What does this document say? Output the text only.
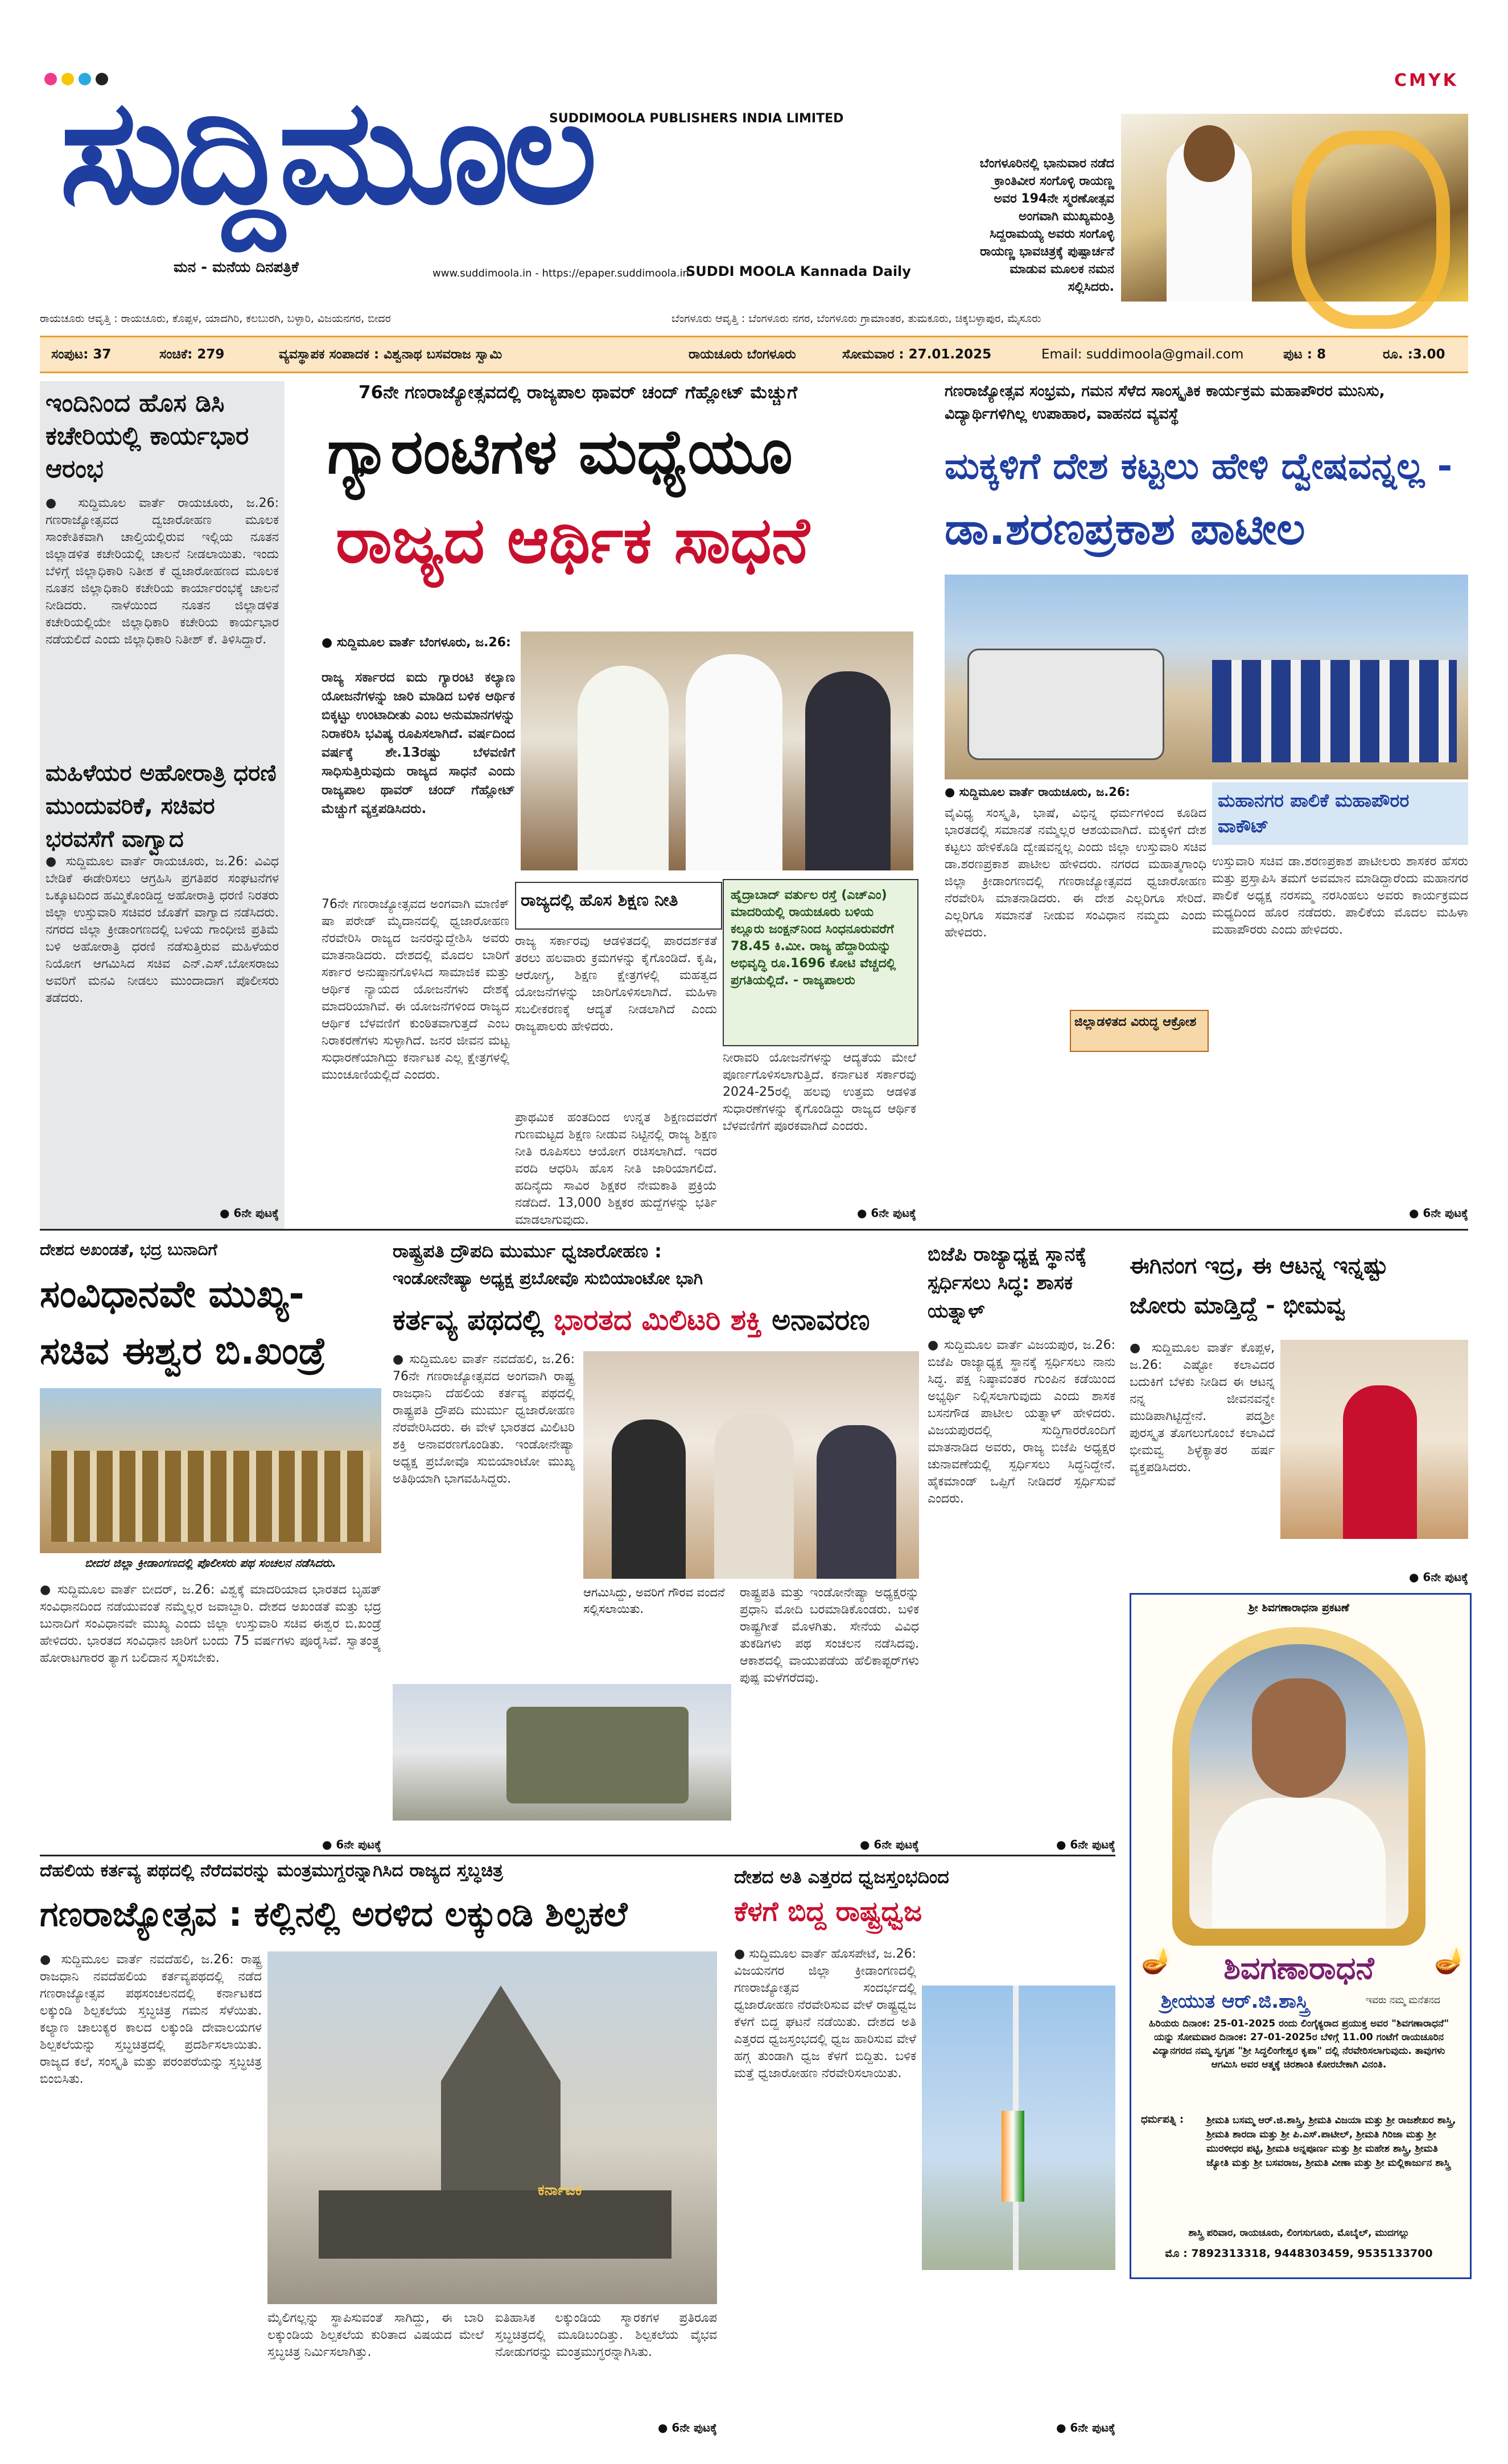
CMYK
ಸುದ್ದಿಮೂಲ
SUDDIMOOLA PUBLISHERS INDIA LIMITED
ಮನ - ಮನೆಯ ದಿನಪತ್ರಿಕೆ	www.suddimoola.in - https://epaper.suddimoola.in
SUDDI MOOLA Kannada Daily
ಬೆಂಗಳೂರಿನಲ್ಲಿ ಭಾನುವಾರ ನಡೆದ ಕ್ರಾಂತಿವೀರ ಸಂಗೊಳ್ಳಿ ರಾಯಣ್ಣ ಅವರ 194ನೇ ಸ್ಮರಣೋತ್ಸವ ಅಂಗವಾಗಿ ಮುಖ್ಯಮಂತ್ರಿ ಸಿದ್ದರಾಮಯ್ಯ ಅವರು ಸಂಗೊಳ್ಳಿ ರಾಯಣ್ಣ ಭಾವಚಿತ್ರಕ್ಕೆ ಪುಷ್ಪಾರ್ಚನೆ ಮಾಡುವ ಮೂಲಕ ನಮನ ಸಲ್ಲಿಸಿದರು.
ರಾಯಚೂರು ಆವೃತ್ತಿ : ರಾಯಚೂರು, ಕೊಪ್ಪಳ, ಯಾದಗಿರಿ, ಕಲಬುರಗಿ, ಬಳ್ಳಾರಿ, ವಿಜಯನಗರ, ಬೀದರ	ಬೆಂಗಳೂರು ಆವೃತ್ತಿ : ಬೆಂಗಳೂರು ನಗರ, ಬೆಂಗಳೂರು ಗ್ರಾಮಾಂತರ, ತುಮಕೂರು, ಚಿಕ್ಕಬಳ್ಳಾಪುರ, ಮೈಸೂರು
ಸಂಪುಟ: 37	ಸಂಚಿಕೆ: 279	ವ್ಯವಸ್ಥಾಪಕ ಸಂಪಾದಕ : ವಿಶ್ವನಾಥ ಬಸವರಾಜ ಸ್ವಾಮಿ	ರಾಯಚೂರು ಬೆಂಗಳೂರು	ಸೋಮವಾರ : 27.01.2025	Email: suddimoola@gmail.com	ಪುಟ : 8	ರೂ. :3.00
ಇಂದಿನಿಂದ ಹೊಸ ಡಿಸಿ ಕಚೇರಿಯಲ್ಲಿ ಕಾರ್ಯಭಾರ ಆರಂಭ
● ಸುದ್ದಿಮೂಲ ವಾರ್ತೆ ರಾಯಚೂರು, ಜ.26: ಗಣರಾಜ್ಯೋತ್ಸವದ ದ್ವಜಾರೋಹಣ ಮೂಲಕ ಸಾಂಕೇತಿಕವಾಗಿ ಚಾಲ್ತಿಯಲ್ಲಿರುವ ಇಲ್ಲಿಯ ನೂತನ ಜಿಲ್ಲಾಡಳಿತ ಕಚೇರಿಯಲ್ಲಿ ಚಾಲನೆ ನೀಡಲಾಯಿತು. ಇಂದು ಬೆಳಿಗ್ಗೆ ಜಿಲ್ಲಾಧಿಕಾರಿ ನಿತೀಶ ಕೆ ಧ್ವಜಾರೋಹಣದ ಮೂಲಕ ನೂತನ ಜಿಲ್ಲಾಧಿಕಾರಿ ಕಚೇರಿಯ ಕಾರ್ಯಾರಂಭಕ್ಕೆ ಚಾಲನೆ ನೀಡಿದರು. ನಾಳೆಯಿಂದ ನೂತನ ಜಿಲ್ಲಾಡಳಿತ ಕಚೇರಿಯಲ್ಲಿಯೇ ಜಿಲ್ಲಾಧಿಕಾರಿ ಕಚೇರಿಯ ಕಾರ್ಯಭಾರ ನಡೆಯಲಿದೆ ಎಂದು ಜಿಲ್ಲಾಧಿಕಾರಿ ನಿತೀಶ್ ಕೆ. ತಿಳಿಸಿದ್ದಾರೆ.
ಮಹಿಳೆಯರ ಅಹೋರಾತ್ರಿ ಧರಣಿ ಮುಂದುವರಿಕೆ, ಸಚಿವರ ಭರವಸೆಗೆ ವಾಗ್ವಾದ
● ಸುದ್ದಿಮೂಲ ವಾರ್ತೆ ರಾಯಚೂರು, ಜ.26: ವಿವಿಧ ಬೇಡಿಕೆ ಈಡೇರಿಸಲು ಆಗ್ರಹಿಸಿ ಪ್ರಗತಿಪರ ಸಂಘಟನೆಗಳ ಒಕ್ಕೂಟದಿಂದ ಹಮ್ಮಿಕೊಂಡಿದ್ದ ಅಹೋರಾತ್ರಿ ಧರಣಿ ನಿರತರು ಜಿಲ್ಲಾ ಉಸ್ತುವಾರಿ ಸಚಿವರ ಜೊತೆಗೆ ವಾಗ್ವಾದ ನಡೆಸಿದರು. ನಗರದ ಜಿಲ್ಲಾ ಕ್ರೀಡಾಂಗಣದಲ್ಲಿ ಬಳಿಯ ಗಾಂಧೀಜಿ ಪ್ರತಿಮೆ ಬಳಿ ಅಹೋರಾತ್ರಿ ಧರಣಿ ನಡೆಸುತ್ತಿರುವ ಮಹಿಳೆಯರ ನಿಯೋಗ ಆಗಮಿಸಿದ ಸಚಿವ ಎನ್.ಎಸ್.ಬೋಸರಾಜು ಅವರಿಗೆ ಮನವಿ ನೀಡಲು ಮುಂದಾದಾಗ ಪೊಲೀಸರು ತಡೆದರು.
● 6ನೇ ಪುಟಕ್ಕೆ
76ನೇ ಗಣರಾಜ್ಯೋತ್ಸವದಲ್ಲಿ ರಾಜ್ಯಪಾಲ ಥಾವರ್ ಚಂದ್ ಗೆಹ್ಲೋಟ್ ಮೆಚ್ಚುಗೆ
ಗ್ಯಾರಂಟಿಗಳ ಮಧ್ಯೆಯೂ
ರಾಜ್ಯದ ಆರ್ಥಿಕ ಸಾಧನೆ
● ಸುದ್ದಿಮೂಲ ವಾರ್ತೆ ಬೆಂಗಳೂರು, ಜ.26:
ರಾಜ್ಯ ಸರ್ಕಾರದ ಐದು ಗ್ಯಾರಂಟಿ ಕಲ್ಯಾಣ ಯೋಜನೆಗಳನ್ನು ಜಾರಿ ಮಾಡಿದ ಬಳಿಕ ಆರ್ಥಿಕ ಬಿಕ್ಕಟ್ಟು ಉಂಟಾದೀತು ಎಂಬ ಅನುಮಾನಗಳನ್ನು ನಿರಾಕರಿಸಿ ಭವಿಷ್ಯ ರೂಪಿಸಲಾಗಿದೆ. ವರ್ಷದಿಂದ ವರ್ಷಕ್ಕೆ ಶೇ.13ರಷ್ಟು ಬೆಳವಣಿಗೆ ಸಾಧಿಸುತ್ತಿರುವುದು ರಾಜ್ಯದ ಸಾಧನೆ ಎಂದು ರಾಜ್ಯಪಾಲ ಥಾವರ್ ಚಂದ್ ಗೆಹ್ಲೋಟ್ ಮೆಚ್ಚುಗೆ ವ್ಯಕ್ತಪಡಿಸಿದರು.
76ನೇ ಗಣರಾಜ್ಯೋತ್ಸವದ ಅಂಗವಾಗಿ ಮಾಣಿಕ್ ಷಾ ಪರೇಡ್ ಮೈದಾನದಲ್ಲಿ ಧ್ವಜಾರೋಹಣ ನೆರವೇರಿಸಿ ರಾಜ್ಯದ ಜನರನ್ನುದ್ದೇಶಿಸಿ ಅವರು ಮಾತನಾಡಿದರು. ದೇಶದಲ್ಲಿ ಮೊದಲ ಬಾರಿಗೆ ಸರ್ಕಾರ ಅನುಷ್ಠಾನಗೊಳಿಸಿದ ಸಾಮಾಜಿಕ ಮತ್ತು ಆರ್ಥಿಕ ನ್ಯಾಯದ ಯೋಜನೆಗಳು ದೇಶಕ್ಕೆ ಮಾದರಿಯಾಗಿವೆ. ಈ ಯೋಜನೆಗಳಿಂದ ರಾಜ್ಯದ ಆರ್ಥಿಕ ಬೆಳವಣಿಗೆ ಕುಂಠಿತವಾಗುತ್ತದೆ ಎಂಬ ನಿರಾಕರಣೆಗಳು ಸುಳ್ಳಾಗಿದೆ. ಜನರ ಜೀವನ ಮಟ್ಟ ಸುಧಾರಣೆಯಾಗಿದ್ದು ಕರ್ನಾಟಕ ಎಲ್ಲ ಕ್ಷೇತ್ರಗಳಲ್ಲಿ ಮುಂಚೂಣಿಯಲ್ಲಿದೆ ಎಂದರು.
ರಾಜ್ಯದಲ್ಲಿ ಹೊಸ ಶಿಕ್ಷಣ ನೀತಿ
ರಾಜ್ಯ ಸರ್ಕಾರವು ಆಡಳಿತದಲ್ಲಿ ಪಾರದರ್ಶಕತೆ ತರಲು ಹಲವಾರು ಕ್ರಮಗಳನ್ನು ಕೈಗೊಂಡಿದೆ. ಕೃಷಿ, ಆರೋಗ್ಯ, ಶಿಕ್ಷಣ ಕ್ಷೇತ್ರಗಳಲ್ಲಿ ಮಹತ್ವದ ಯೋಜನೆಗಳನ್ನು ಜಾರಿಗೊಳಿಸಲಾಗಿದೆ. ಮಹಿಳಾ ಸಬಲೀಕರಣಕ್ಕೆ ಆದ್ಯತೆ ನೀಡಲಾಗಿದೆ ಎಂದು ರಾಜ್ಯಪಾಲರು ಹೇಳಿದರು.
ಪ್ರಾಥಮಿಕ ಹಂತದಿಂದ ಉನ್ನತ ಶಿಕ್ಷಣದವರೆಗೆ ಗುಣಮಟ್ಟದ ಶಿಕ್ಷಣ ನೀಡುವ ನಿಟ್ಟಿನಲ್ಲಿ ರಾಜ್ಯ ಶಿಕ್ಷಣ ನೀತಿ ರೂಪಿಸಲು ಆಯೋಗ ರಚಿಸಲಾಗಿದೆ. ಇದರ ವರದಿ ಆಧರಿಸಿ ಹೊಸ ನೀತಿ ಜಾರಿಯಾಗಲಿದೆ. ಹದಿನೈದು ಸಾವಿರ ಶಿಕ್ಷಕರ ನೇಮಕಾತಿ ಪ್ರಕ್ರಿಯೆ ನಡೆದಿದೆ. 13,000 ಶಿಕ್ಷಕರ ಹುದ್ದೆಗಳನ್ನು ಭರ್ತಿ ಮಾಡಲಾಗುವುದು.
ಹೈದ್ರಾಬಾದ್ ವರ್ತುಲ ರಸ್ತೆ (ಎಚ್‌ಎಂ) ಮಾದರಿಯಲ್ಲಿ ರಾಯಚೂರು ಬಳಿಯ ಕಲ್ಲೂರು ಜಂಕ್ಷನ್‌ನಿಂದ ಸಿಂಧನೂರುವರೆಗೆ 78.45 ಕಿ.ಮೀ. ರಾಜ್ಯ ಹೆದ್ದಾರಿಯನ್ನು ಅಭಿವೃದ್ಧಿ ರೂ.1696 ಕೋಟಿ ವೆಚ್ಚದಲ್ಲಿ ಪ್ರಗತಿಯಲ್ಲಿದೆ. - ರಾಜ್ಯಪಾಲರು
ನೀರಾವರಿ ಯೋಜನೆಗಳನ್ನು ಆದ್ಯತೆಯ ಮೇಲೆ ಪೂರ್ಣಗೊಳಿಸಲಾಗುತ್ತಿದೆ. ಕರ್ನಾಟಕ ಸರ್ಕಾರವು 2024-25ರಲ್ಲಿ ಹಲವು ಉತ್ತಮ ಆಡಳಿತ ಸುಧಾರಣೆಗಳನ್ನು ಕೈಗೊಂಡಿದ್ದು ರಾಜ್ಯದ ಆರ್ಥಿಕ ಬೆಳವಣಿಗೆಗೆ ಪೂರಕವಾಗಿದೆ ಎಂದರು.
● 6ನೇ ಪುಟಕ್ಕೆ
ಗಣರಾಜ್ಯೋತ್ಸವ ಸಂಭ್ರಮ, ಗಮನ ಸೆಳೆದ ಸಾಂಸ್ಕೃತಿಕ ಕಾರ್ಯಕ್ರಮ ಮಹಾಪೌರರ ಮುನಿಸು, ವಿದ್ಯಾರ್ಥಿಗಳಿಗಿಲ್ಲ ಉಪಾಹಾರ, ವಾಹನದ ವ್ಯವಸ್ಥೆ
ಮಕ್ಕಳಿಗೆ ದೇಶ ಕಟ್ಟಲು ಹೇಳಿ ದ್ವೇಷವನ್ನಲ್ಲ -
ಡಾ.ಶರಣಪ್ರಕಾಶ ಪಾಟೀಲ
● ಸುದ್ದಿಮೂಲ ವಾರ್ತೆ ರಾಯಚೂರು, ಜ.26:
ವೈವಿಧ್ಯ ಸಂಸ್ಕೃತಿ, ಭಾಷೆ, ವಿಭಿನ್ನ ಧರ್ಮಗಳಿಂದ ಕೂಡಿದ ಭಾರತದಲ್ಲಿ ಸಮಾನತೆ ನಮ್ಮೆಲ್ಲರ ಆಶಯವಾಗಿದೆ. ಮಕ್ಕಳಿಗೆ ದೇಶ ಕಟ್ಟಲು ಹೇಳಿಕೊಡಿ ದ್ವೇಷವನ್ನಲ್ಲ ಎಂದು ಜಿಲ್ಲಾ ಉಸ್ತುವಾರಿ ಸಚಿವ ಡಾ.ಶರಣಪ್ರಕಾಶ ಪಾಟೀಲ ಹೇಳಿದರು. ನಗರದ ಮಹಾತ್ಮಗಾಂಧಿ ಜಿಲ್ಲಾ ಕ್ರೀಡಾಂಗಣದಲ್ಲಿ ಗಣರಾಜ್ಯೋತ್ಸವದ ಧ್ವಜಾರೋಹಣ ನೆರವೇರಿಸಿ ಮಾತನಾಡಿದರು. ಈ ದೇಶ ಎಲ್ಲರಿಗೂ ಸೇರಿದೆ. ಎಲ್ಲರಿಗೂ ಸಮಾನತೆ ನೀಡುವ ಸಂವಿಧಾನ ನಮ್ಮದು ಎಂದು ಹೇಳಿದರು.
ಜಿಲ್ಲಾಡಳಿತದ ವಿರುದ್ಧ ಆಕ್ರೋಶ
ಮಹಾನಗರ ಪಾಲಿಕೆ ಮಹಾಪೌರರ ವಾಕೌಟ್
ಉಸ್ತುವಾರಿ ಸಚಿವ ಡಾ.ಶರಣಪ್ರಕಾಶ ಪಾಟೀಲರು ಶಾಸಕರ ಹೆಸರು ಮತ್ತು ಪ್ರಸ್ತಾಪಿಸಿ ತಮಗೆ ಅವಮಾನ ಮಾಡಿದ್ದಾರೆಂದು ಮಹಾನಗರ ಪಾಲಿಕೆ ಅಧ್ಯಕ್ಷ ನರಸಮ್ಮ ನರಸಿಂಹಲು ಅವರು ಕಾರ್ಯಕ್ರಮದ ಮಧ್ಯದಿಂದ ಹೊರ ನಡೆದರು. ಪಾಲಿಕೆಯ ಮೊದಲ ಮಹಿಳಾ ಮಹಾಪೌರರು ಎಂದು ಹೇಳಿದರು.
● 6ನೇ ಪುಟಕ್ಕೆ
ದೇಶದ ಅಖಂಡತೆ, ಭದ್ರ ಬುನಾದಿಗೆ
ಸಂವಿಧಾನವೇ ಮುಖ್ಯ-
ಸಚಿವ ಈಶ್ವರ ಬಿ.ಖಂಡ್ರೆ
ಬೀದರ ಜಿಲ್ಲಾ ಕ್ರೀಡಾಂಗಣದಲ್ಲಿ ಪೊಲೀಸರು ಪಥ ಸಂಚಲನ ನಡೆಸಿದರು.
● ಸುದ್ದಿಮೂಲ ವಾರ್ತೆ ಬೀದರ್, ಜ.26: ವಿಶ್ವಕ್ಕೆ ಮಾದರಿಯಾದ ಭಾರತದ ಬೃಹತ್ ಸಂವಿಧಾನದಿಂದ ನಡೆಯುವಂತೆ ನಮ್ಮೆಲ್ಲರ ಜವಾಬ್ದಾರಿ. ದೇಶದ ಅಖಂಡತೆ ಮತ್ತು ಭದ್ರ ಬುನಾದಿಗೆ ಸಂವಿಧಾನವೇ ಮುಖ್ಯ ಎಂದು ಜಿಲ್ಲಾ ಉಸ್ತುವಾರಿ ಸಚಿವ ಈಶ್ವರ ಬಿ.ಖಂಡ್ರೆ ಹೇಳಿದರು. ಭಾರತದ ಸಂವಿಧಾನ ಜಾರಿಗೆ ಬಂದು 75 ವರ್ಷಗಳು ಪೂರೈಸಿವೆ. ಸ್ವಾತಂತ್ರ್ಯ ಹೋರಾಟಗಾರರ ತ್ಯಾಗ ಬಲಿದಾನ ಸ್ಮರಿಸಬೇಕು.
● 6ನೇ ಪುಟಕ್ಕೆ
ರಾಷ್ಟ್ರಪತಿ ದ್ರೌಪದಿ ಮುರ್ಮು ಧ್ವಜಾರೋಹಣ :
ಇಂಡೋನೇಷ್ಯಾ ಅಧ್ಯಕ್ಷ ಪ್ರಬೋವೊ ಸುಬಿಯಾಂಟೋ ಭಾಗಿ
ಕರ್ತವ್ಯ ಪಥದಲ್ಲಿ ಭಾರತದ ಮಿಲಿಟರಿ ಶಕ್ತಿ ಅನಾವರಣ
● ಸುದ್ದಿಮೂಲ ವಾರ್ತೆ ನವದೆಹಲಿ, ಜ.26: 76ನೇ ಗಣರಾಜ್ಯೋತ್ಸವದ ಅಂಗವಾಗಿ ರಾಷ್ಟ್ರ ರಾಜಧಾನಿ ದೆಹಲಿಯ ಕರ್ತವ್ಯ ಪಥದಲ್ಲಿ ರಾಷ್ಟ್ರಪತಿ ದ್ರೌಪದಿ ಮುರ್ಮು ಧ್ವಜಾರೋಹಣ ನೆರವೇರಿಸಿದರು. ಈ ವೇಳೆ ಭಾರತದ ಮಿಲಿಟರಿ ಶಕ್ತಿ ಅನಾವರಣಗೊಂಡಿತು. ಇಂಡೋನೇಷ್ಯಾ ಅಧ್ಯಕ್ಷ ಪ್ರಬೋವೊ ಸುಬಿಯಾಂಟೋ ಮುಖ್ಯ ಅತಿಥಿಯಾಗಿ ಭಾಗವಹಿಸಿದ್ದರು.
ಆಗಮಿಸಿದ್ದು, ಅವರಿಗೆ ಗೌರವ ವಂದನೆ ಸಲ್ಲಿಸಲಾಯಿತು.
ರಾಷ್ಟ್ರಪತಿ ಮತ್ತು ಇಂಡೋನೇಷ್ಯಾ ಅಧ್ಯಕ್ಷರನ್ನು ಪ್ರಧಾನಿ ಮೋದಿ ಬರಮಾಡಿಕೊಂಡರು. ಬಳಿಕ ರಾಷ್ಟ್ರಗೀತೆ ಮೊಳಗಿತು. ಸೇನೆಯ ವಿವಿಧ ತುಕಡಿಗಳು ಪಥ ಸಂಚಲನ ನಡೆಸಿದವು. ಆಕಾಶದಲ್ಲಿ ವಾಯುಪಡೆಯ ಹೆಲಿಕಾಪ್ಟರ್‌ಗಳು ಪುಷ್ಪ ಮಳೆಗರೆದವು.
● 6ನೇ ಪುಟಕ್ಕೆ
ಬಿಜೆಪಿ ರಾಜ್ಯಾಧ್ಯಕ್ಷ ಸ್ಥಾನಕ್ಕೆ ಸ್ಪರ್ಧಿಸಲು ಸಿದ್ಧ: ಶಾಸಕ ಯತ್ನಾಳ್
● ಸುದ್ದಿಮೂಲ ವಾರ್ತೆ ವಿಜಯಪುರ, ಜ.26: ಬಿಜೆಪಿ ರಾಜ್ಯಾಧ್ಯಕ್ಷ ಸ್ಥಾನಕ್ಕೆ ಸ್ಪರ್ಧಿಸಲು ನಾನು ಸಿದ್ಧ. ಪಕ್ಷ ನಿಷ್ಠಾವಂತರ ಗುಂಪಿನ ಕಡೆಯಿಂದ ಅಭ್ಯರ್ಥಿ ನಿಲ್ಲಿಸಲಾಗುವುದು ಎಂದು ಶಾಸಕ ಬಸನಗೌಡ ಪಾಟೀಲ ಯತ್ನಾಳ್ ಹೇಳಿದರು. ವಿಜಯಪುರದಲ್ಲಿ ಸುದ್ದಿಗಾರರೊಂದಿಗೆ ಮಾತನಾಡಿದ ಅವರು, ರಾಜ್ಯ ಬಿಜೆಪಿ ಅಧ್ಯಕ್ಷರ ಚುನಾವಣೆಯಲ್ಲಿ ಸ್ಪರ್ಧಿಸಲು ಸಿದ್ಧನಿದ್ದೇನೆ. ಹೈಕಮಾಂಡ್ ಒಪ್ಪಿಗೆ ನೀಡಿದರೆ ಸ್ಪರ್ಧಿಸುವೆ ಎಂದರು.
● 6ನೇ ಪುಟಕ್ಕೆ
ಈಗಿನಂಗ ಇದ್ರ, ಈ ಆಟನ್ನ ಇನ್ನಷ್ಟು
ಜೋರು ಮಾಡ್ತಿದ್ದೆ - ಭೀಮವ್ವ
● ಸುದ್ದಿಮೂಲ ವಾರ್ತೆ ಕೊಪ್ಪಳ, ಜ.26: ಎಷ್ಟೋ ಕಲಾವಿದರ ಬದುಕಿಗೆ ಬೆಳಕು ನೀಡಿದ ಈ ಆಟನ್ನ ನನ್ನ ಜೀವನವನ್ನೇ ಮುಡಿಪಾಗಿಟ್ಟಿದ್ದೇನೆ. ಪದ್ಮಶ್ರೀ ಪುರಸ್ಕೃತ ತೊಗಲುಗೊಂಬೆ ಕಲಾವಿದೆ ಭೀಮವ್ವ ಶಿಳ್ಳೆಕ್ಯಾತರ ಹರ್ಷ ವ್ಯಕ್ತಪಡಿಸಿದರು.
● 6ನೇ ಪುಟಕ್ಕೆ
ಶ್ರೀ ಶಿವಗಣಾರಾಧನಾ ಪ್ರಕಟಣೆ
🪔	🪔
ಶಿವಗಣಾರಾಧನೆ
ಶ್ರೀಯುತ ಆರ್.ಜಿ.ಶಾಸ್ತ್ರಿ	ಇವರು ನಮ್ಮ ಮನೆತನದ
ಹಿರಿಯರು ದಿನಾಂಕ: 25-01-2025 ರಂದು ಲಿಂಗೈಕ್ಯರಾದ ಪ್ರಯುಕ್ತ ಅವರ "ಶಿವಗಣಾರಾಧನೆ" ಯನ್ನು ಸೋಮವಾರ ದಿನಾಂಕ: 27-01-2025ರ ಬೆಳಿಗ್ಗೆ 11.00 ಗಂಟೆಗೆ ರಾಯಚೂರಿನ ವಿದ್ಯಾನಗರದ ನಮ್ಮ ಸ್ವಗೃಹ "ಶ್ರೀ ಸಿದ್ಧಲಿಂಗೇಶ್ವರ ಕೃಪಾ" ದಲ್ಲಿ ನೆರವೇರಿಸಲಾಗುವುದು. ತಾವುಗಳು ಆಗಮಿಸಿ ಅವರ ಆತ್ಮಕ್ಕೆ ಚಿರಶಾಂತಿ ಕೋರಬೇಕಾಗಿ ವಿನಂತಿ.
ಧರ್ಮಪತ್ನಿ : ಶ್ರೀಮತಿ ಬಸಮ್ಮ ಆರ್.ಜಿ.ಶಾಸ್ತ್ರಿ, ಶ್ರೀಮತಿ ವಿಜಯಾ ಮತ್ತು ಶ್ರೀ ರಾಜಶೇಖರ ಶಾಸ್ತ್ರಿ, ಶ್ರೀಮತಿ ಶಾರದಾ ಮತ್ತು ಶ್ರೀ ಪಿ.ಎಸ್.ಪಾಟೀಲ್, ಶ್ರೀಮತಿ ಗಿರಿಜಾ ಮತ್ತು ಶ್ರೀ ಮುರಳೀಧರ ಪಟ್ಟಿ, ಶ್ರೀಮತಿ ಅನ್ನಪೂರ್ಣ ಮತ್ತು ಶ್ರೀ ಮಹೇಶ ಶಾಸ್ತ್ರಿ, ಶ್ರೀಮತಿ ಜ್ಯೋತಿ ಮತ್ತು ಶ್ರೀ ಬಸವರಾಜ, ಶ್ರೀಮತಿ ವೀಣಾ ಮತ್ತು ಶ್ರೀ ಮಲ್ಲಿಕಾರ್ಜುನ ಶಾಸ್ತ್ರಿ
ಶಾಸ್ತ್ರಿ ಪರಿವಾರ, ರಾಯಚೂರು, ಲಿಂಗಸುಗೂರು, ಮೊಬೈಲ್, ಮುದಗಲ್ಲು
ಮೊ : 7892313318, 9448303459, 9535133700
ದೆಹಲಿಯ ಕರ್ತವ್ಯ ಪಥದಲ್ಲಿ ನೆರೆದವರನ್ನು ಮಂತ್ರಮುಗ್ದರನ್ನಾಗಿಸಿದ ರಾಜ್ಯದ ಸ್ತಬ್ಧಚಿತ್ರ
ಗಣರಾಜ್ಯೋತ್ಸವ : ಕಲ್ಲಿನಲ್ಲಿ ಅರಳಿದ ಲಕ್ಕುಂಡಿ ಶಿಲ್ಪಕಲೆ
● ಸುದ್ದಿಮೂಲ ವಾರ್ತೆ ನವದೆಹಲಿ, ಜ.26: ರಾಷ್ಟ್ರ ರಾಜಧಾನಿ ನವದೆಹಲಿಯ ಕರ್ತವ್ಯಪಥದಲ್ಲಿ ನಡೆದ ಗಣರಾಜ್ಯೋತ್ಸವ ಪಥಸಂಚಲನದಲ್ಲಿ ಕರ್ನಾಟಕದ ಲಕ್ಕುಂಡಿ ಶಿಲ್ಪಕಲೆಯ ಸ್ತಬ್ಧಚಿತ್ರ ಗಮನ ಸೆಳೆಯಿತು. ಕಲ್ಯಾಣ ಚಾಲುಕ್ಯರ ಕಾಲದ ಲಕ್ಕುಂಡಿ ದೇವಾಲಯಗಳ ಶಿಲ್ಪಕಲೆಯನ್ನು ಸ್ತಬ್ಧಚಿತ್ರದಲ್ಲಿ ಪ್ರದರ್ಶಿಸಲಾಯಿತು. ರಾಜ್ಯದ ಕಲೆ, ಸಂಸ್ಕೃತಿ ಮತ್ತು ಪರಂಪರೆಯನ್ನು ಸ್ತಬ್ಧಚಿತ್ರ ಬಿಂಬಿಸಿತು.
ಕರ್ನಾಟಕ
ಮೈಲಿಗಲ್ಲನ್ನು ಸ್ಥಾಪಿಸುವಂತೆ ಸಾಗಿದ್ದು, ಈ ಬಾರಿ ಲಕ್ಕುಂಡಿಯ ಶಿಲ್ಪಕಲೆಯ ಕುರಿತಾದ ವಿಷಯದ ಮೇಲೆ ಸ್ತಬ್ಧಚಿತ್ರ ನಿರ್ಮಿಸಲಾಗಿತ್ತು.
ಐತಿಹಾಸಿಕ ಲಕ್ಕುಂಡಿಯ ಸ್ಮಾರಕಗಳ ಪ್ರತಿರೂಪ ಸ್ತಬ್ಧಚಿತ್ರದಲ್ಲಿ ಮೂಡಿಬಂದಿತ್ತು. ಶಿಲ್ಪಕಲೆಯ ವೈಭವ ನೋಡುಗರನ್ನು ಮಂತ್ರಮುಗ್ಧರನ್ನಾಗಿಸಿತು.
● 6ನೇ ಪುಟಕ್ಕೆ
ದೇಶದ ಅತಿ ಎತ್ತರದ ಧ್ವಜಸ್ತಂಭದಿಂದ
ಕೆಳಗೆ ಬಿದ್ದ ರಾಷ್ಟ್ರಧ್ವಜ
● ಸುದ್ದಿಮೂಲ ವಾರ್ತೆ ಹೊಸಪೇಟೆ, ಜ.26: ವಿಜಯನಗರ ಜಿಲ್ಲಾ ಕ್ರೀಡಾಂಗಣದಲ್ಲಿ ಗಣರಾಜ್ಯೋತ್ಸವ ಸಂದರ್ಭದಲ್ಲಿ ಧ್ವಜಾರೋಹಣ ನೆರವೇರಿಸುವ ವೇಳೆ ರಾಷ್ಟ್ರಧ್ವಜ ಕೆಳಗೆ ಬಿದ್ದ ಘಟನೆ ನಡೆಯಿತು. ದೇಶದ ಅತಿ ಎತ್ತರದ ಧ್ವಜಸ್ತಂಭದಲ್ಲಿ ಧ್ವಜ ಹಾರಿಸುವ ವೇಳೆ ಹಗ್ಗ ತುಂಡಾಗಿ ಧ್ವಜ ಕೆಳಗೆ ಬಿದ್ದಿತು. ಬಳಿಕ ಮತ್ತೆ ಧ್ವಜಾರೋಹಣ ನೆರವೇರಿಸಲಾಯಿತು.
● 6ನೇ ಪುಟಕ್ಕೆ
